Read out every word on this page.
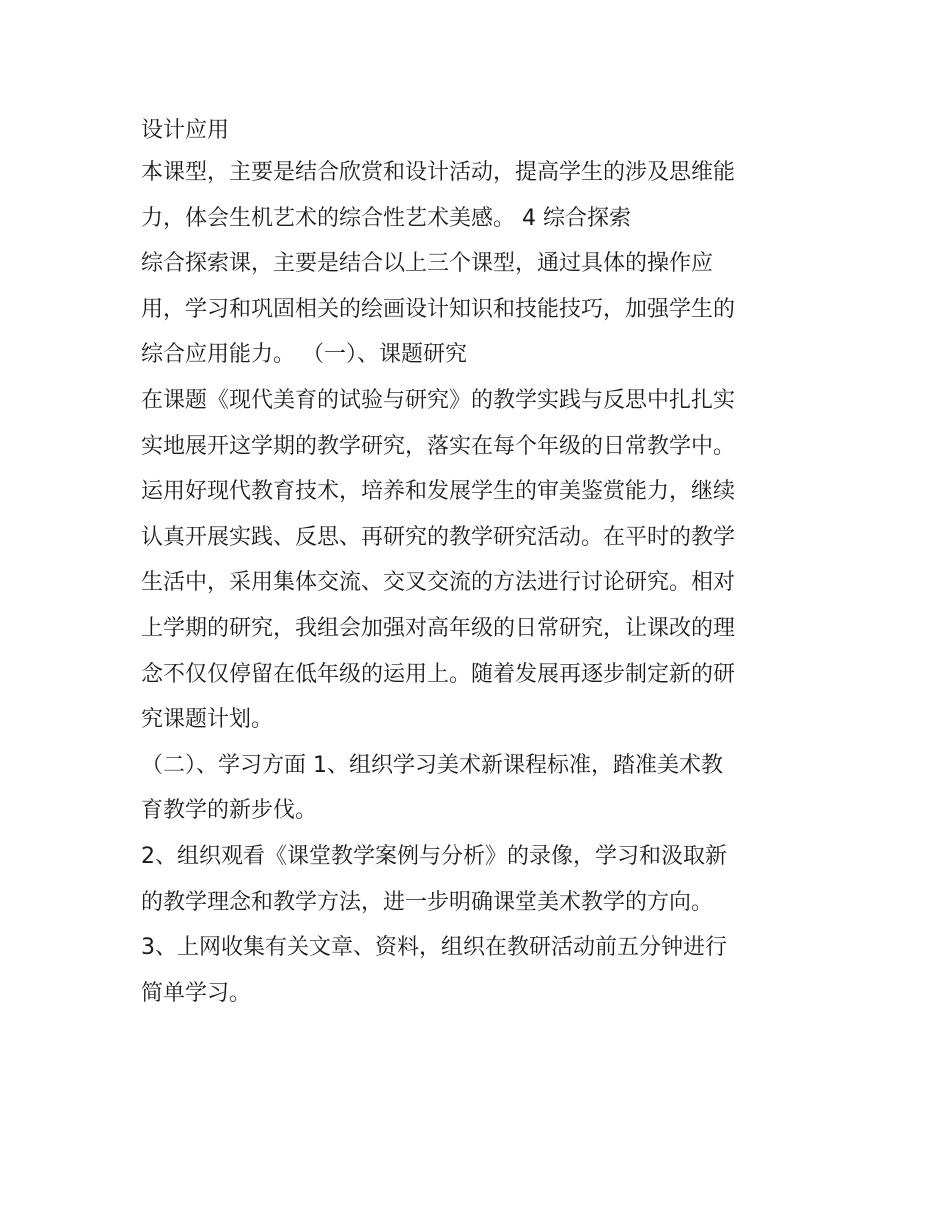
设计应用
本课型，主要是结合欣赏和设计活动，提高学生的涉及思维能
力，体会生机艺术的综合性艺术美感。 4 综合探索
综合探索课，主要是结合以上三个课型，通过具体的操作应
用，学习和巩固相关的绘画设计知识和技能技巧，加强学生的
综合应用能力。 （一）、课题研究
在课题《现代美育的试验与研究》的教学实践与反思中扎扎实
实地展开这学期的教学研究，落实在每个年级的日常教学中。
运用好现代教育技术，培养和发展学生的审美鉴赏能力，继续
认真开展实践、反思、再研究的教学研究活动。在平时的教学
生活中，采用集体交流、交叉交流的方法进行讨论研究。相对
上学期的研究，我组会加强对高年级的日常研究，让课改的理
念不仅仅停留在低年级的运用上。随着发展再逐步制定新的研
究课题计划。
（二）、学习方面 1、组织学习美术新课程标准，踏准美术教
育教学的新步伐。
2、组织观看《课堂教学案例与分析》的录像，学习和汲取新
的教学理念和教学方法，进一步明确课堂美术教学的方向。
3、上网收集有关文章、资料，组织在教研活动前五分钟进行
简单学习。
